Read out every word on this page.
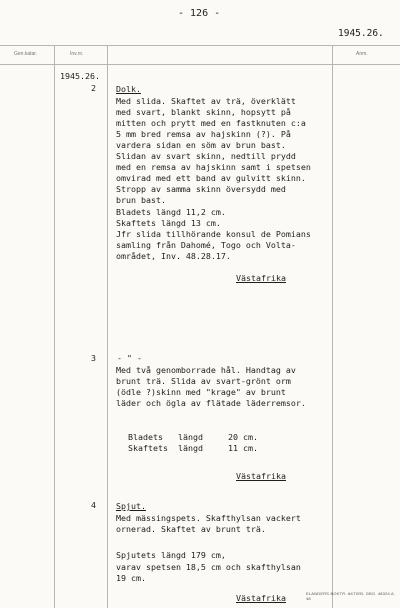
- 126 -
1945.26.
Gen.katar.	Inv.nr.	Anm.
1945.26.
2 Dolk.
Med slida. Skaftet av trä, överklätt
med svart, blankt skinn, hopsytt på
mitten och prytt med en fastknuten c:a
5 mm bred remsa av hajskinn (?). På
vardera sidan en söm av brun bast.
Slidan av svart skinn, nedtill prydd
med en remsa av hajskinn samt i spetsen
omvirad med ett band av gulvitt skinn.
Stropp av samma skinn översydd med
brun bast.
Bladets längd 11,2 cm.
Skaftets längd 13 cm.
Jfr slida tillhörande konsul de Pomians
samling från Dahomé, Togo och Volta-
området, Inv. 48.28.17.
Västafrika
3	- " -
Med två genomborrade hål. Handtag av
brunt trä. Slida av svart-grönt orm
(ödle ?)skinn med "krage" av brunt
läder och ögla av flätade läderremsor.
Bladets längd	20 cm.
Skaftets längd	11 cm.
Västafrika
4 Spjut.
Med mässingspets. Skafthylsan vackert
ornerad. Skaftet av brunt trä.
Spjutets längd 179 cm,
varav spetsen 18,5 cm och skafthylsan
19 cm.
Västafrika	ELANDERS BOKTR. AKTIEB. GBG. 48324 A. 48
